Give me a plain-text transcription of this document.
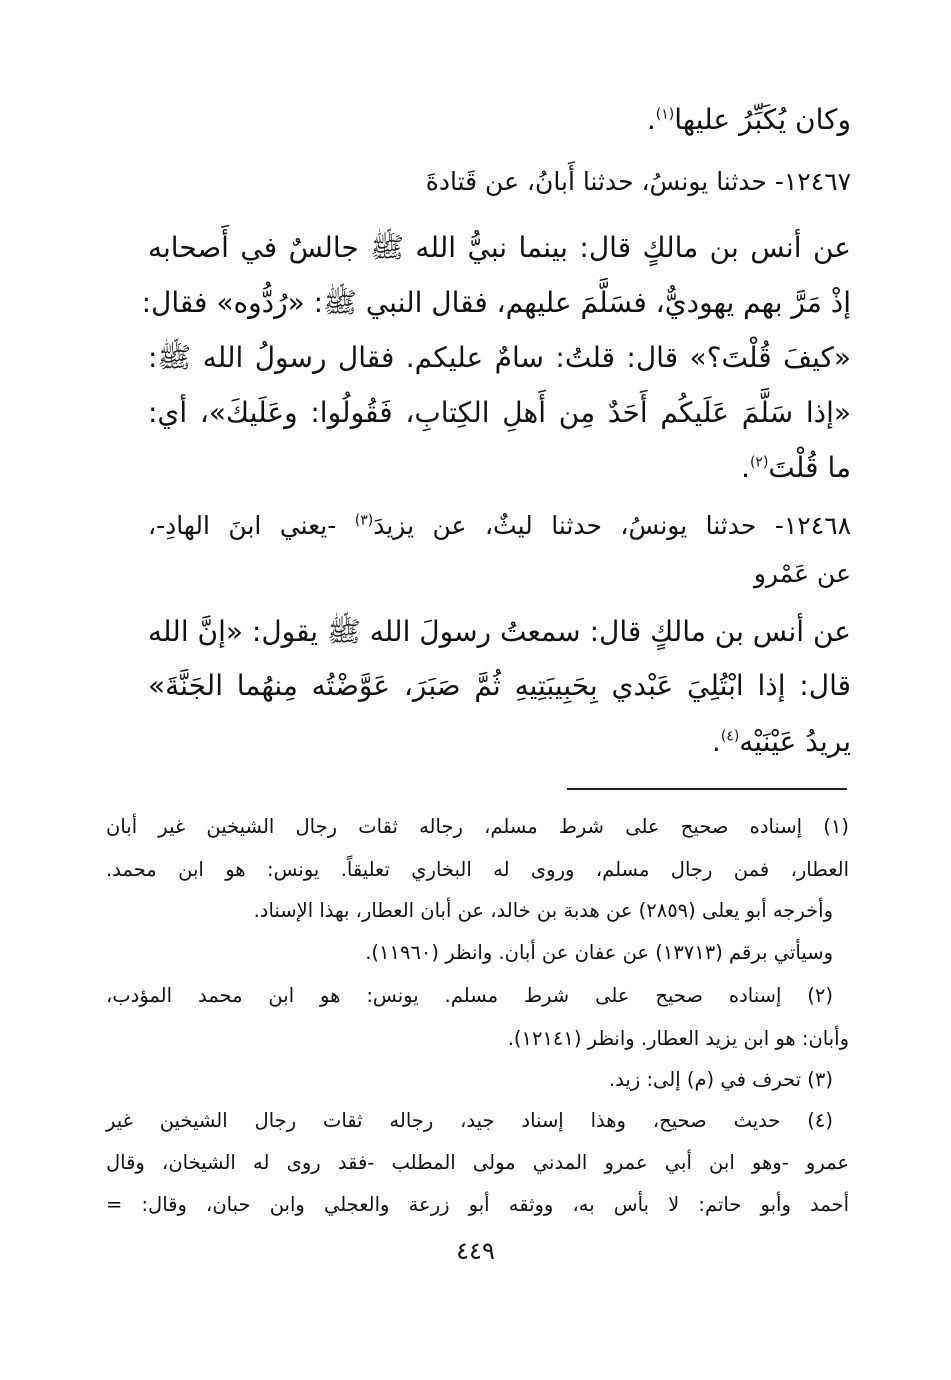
وكان يُكَبِّرُ عليها$^{(١)}$.
١٢٤٦٧- حدثنا يونسُ، حدثنا أَبانُ، عن قَتادةَ
عن أنس بن مالكٍ قال: بينما نبيُّ الله ﷺ جالسٌ في أَصحابه
إذْ مَرَّ بهم يهوديٌّ، فسَلَّمَ عليهم، فقال النبي ﷺ: «رُدُّوه» فقال:
«كيفَ قُلْتَ؟» قال: قلتُ: سامٌ عليكم. فقال رسولُ الله ﷺ:
«إذا سَلَّمَ عَلَيكُم أَحَدٌ مِن أَهلِ الكِتابِ، فَقُولُوا: وعَلَيكَ»، أي:
ما قُلْتَ$^{(٢)}$.
١٢٤٦٨- حدثنا يونسُ، حدثنا ليثٌ، عن يزيدَ$^{(٣)}$ -يعني ابنَ الهادِ-،
عن عَمْرو
عن أنس بن مالكٍ قال: سمعتُ رسولَ الله ﷺ يقول: «إنَّ الله
قال: إذا ابْتُلِيَ عَبْدي بِحَبِيبَتِيهِ ثُمَّ صَبَرَ، عَوَّضْتُه مِنهُما الجَنَّةَ»
يريدُ عَيْنَيْه$^{(٤)}$.
(١) إسناده صحيح على شرط مسلم، رجاله ثقات رجال الشيخين غير أبان
العطار، فمن رجال مسلم، وروى له البخاري تعليقاً. يونس: هو ابن محمد.
وأخرجه أبو يعلى (٢٨٥٩) عن هدبة بن خالد، عن أبان العطار، بهذا الإسناد.
وسيأتي برقم (١٣٧١٣) عن عفان عن أبان. وانظر (١١٩٦٠).
(٢) إسناده صحيح على شرط مسلم. يونس: هو ابن محمد المؤدب،
وأبان: هو ابن يزيد العطار. وانظر (١٢١٤١).
(٣) تحرف في (م) إلى: زيد.
(٤) حديث صحيح، وهذا إسناد جيد، رجاله ثقات رجال الشيخين غير
عمرو -وهو ابن أبي عمرو المدني مولى المطلب -فقد روى له الشيخان، وقال
أحمد وأبو حاتم: لا بأس به، ووثقه أبو زرعة والعجلي وابن حبان، وقال: =
٤٤٩
